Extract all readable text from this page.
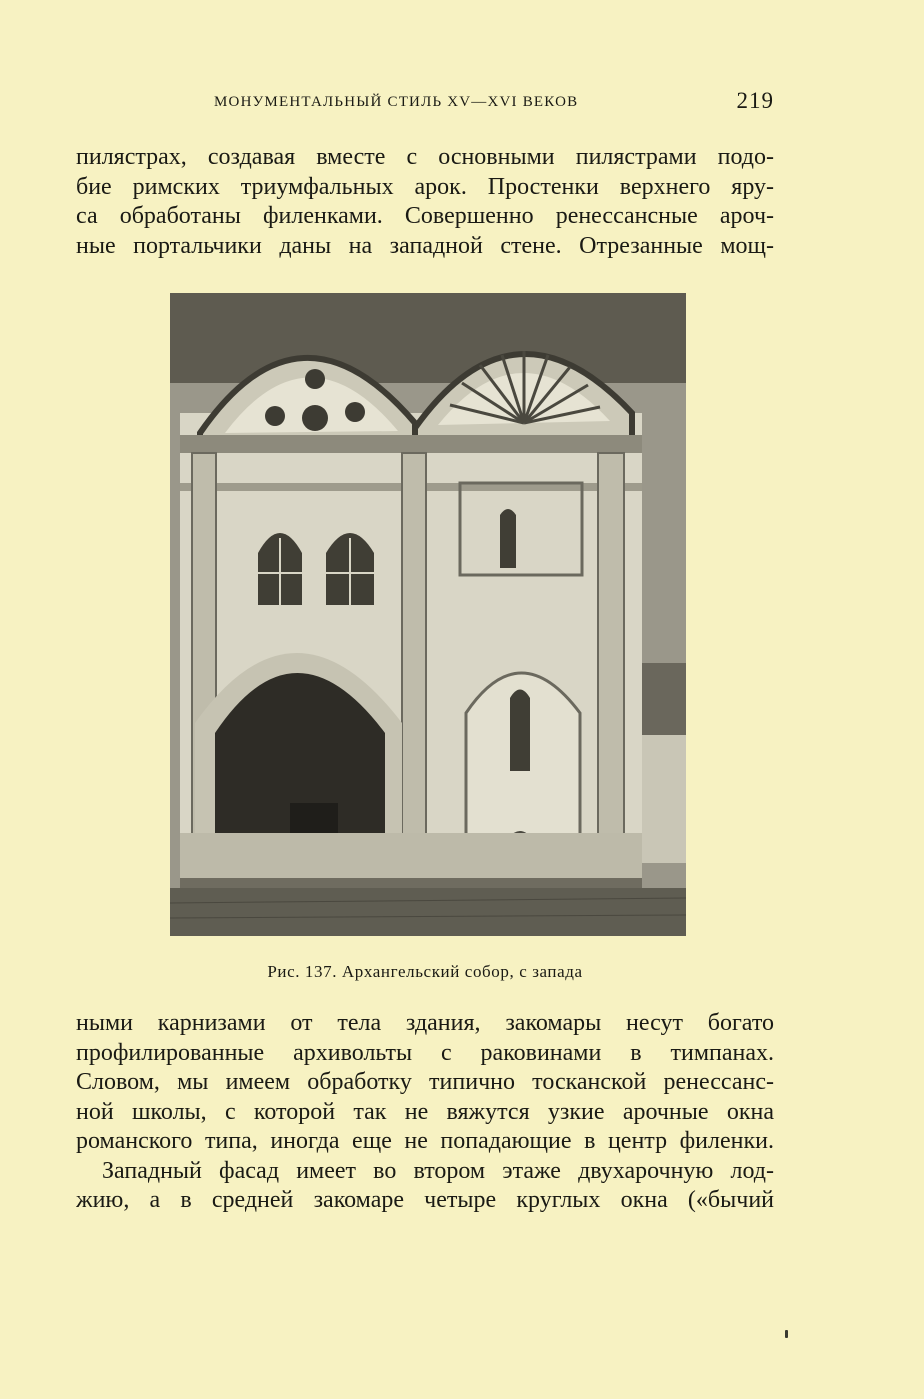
МОНУМЕНТАЛЬНЫЙ СТИЛЬ XV—XVI ВЕКОВ	219
пилястрах, создавая вместе с основными пилястрами подо-
бие римских триумфальных арок. Простенки верхнего яру-
са обработаны филенками. Совершенно ренессансные ароч-
ные портальчики даны на западной стене. Отрезанные мощ-
Рис. 137. Архангельский собор, с запада
ными карнизами от тела здания, закомары несут богато
профилированные архивольты с раковинами в тимпанах.
Словом, мы имеем обработку типично тосканской ренессанс-
ной школы, с которой так не вяжутся узкие арочные окна
романского типа, иногда еще не попадающие в центр филенки.
Западный фасад имеет во втором этаже двухарочную лод-
жию, а в средней закомаре четыре круглых окна («бычий
